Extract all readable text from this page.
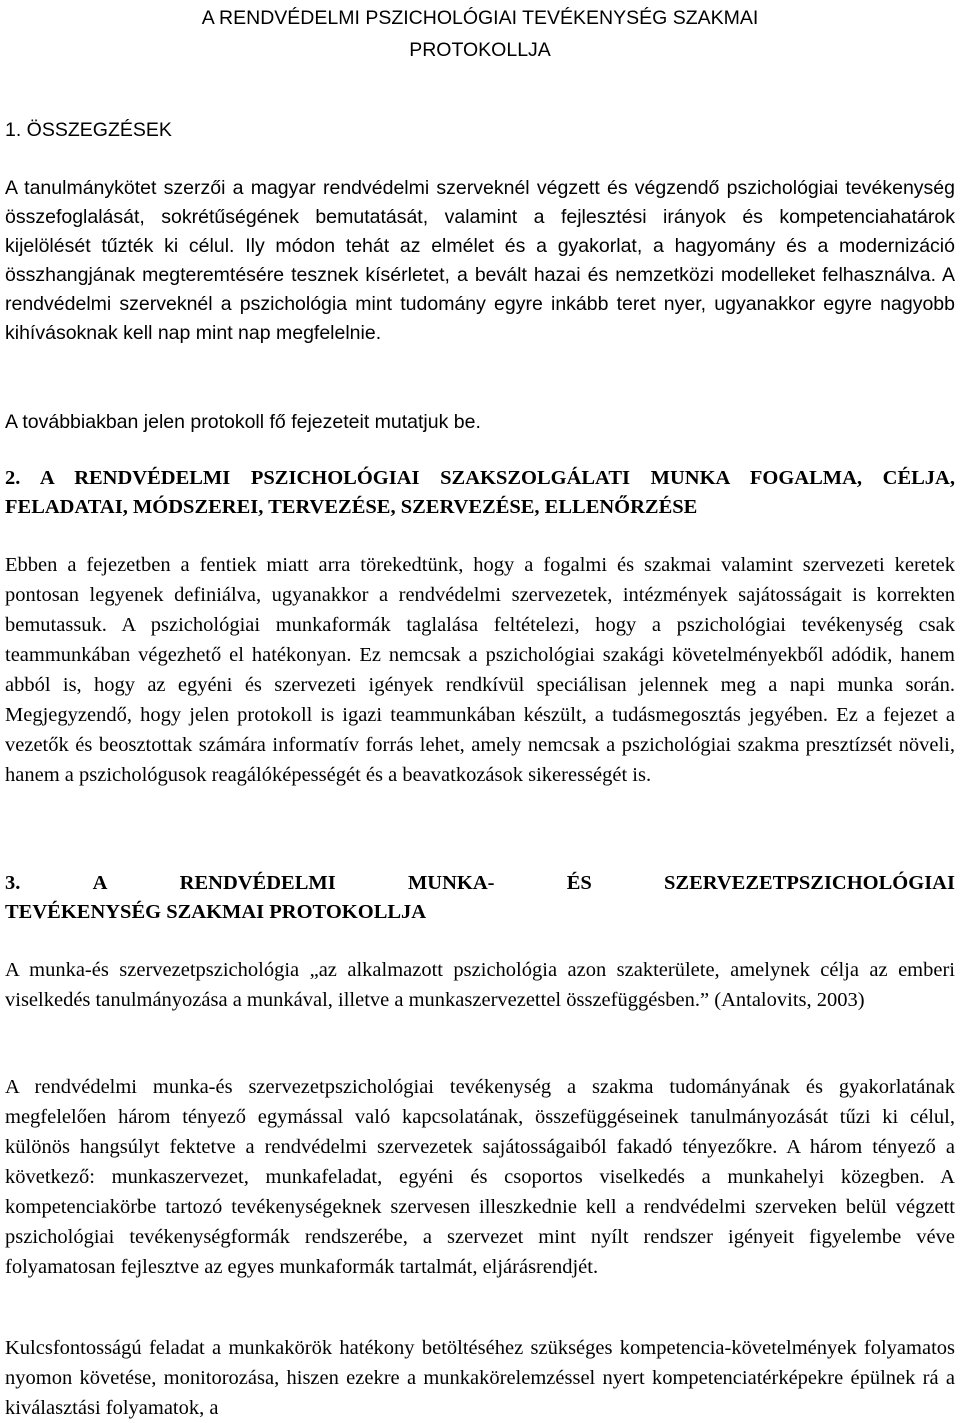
A RENDVÉDELMI PSZICHOLÓGIAI TEVÉKENYSÉG SZAKMAI
PROTOKOLLJA
1. ÖSSZEGZÉSEK

A tanulmánykötet szerzői a magyar rendvédelmi szerveknél végzett és végzendő pszichológiai tevékenység összefoglalását, sokrétűségének bemutatását, valamint a fejlesztési irányok és kompetenciahatárok kijelölését tűzték ki célul. Ily módon tehát az elmélet és a gyakorlat, a hagyomány és a modernizáció összhangjának megteremtésére tesznek kísérletet, a bevált hazai és nemzetközi modelleket felhasználva. A rendvédelmi szerveknél a pszichológia mint tudomány egyre inkább teret nyer, ugyanakkor egyre nagyobb kihívásoknak kell nap mint nap megfelelnie.

A továbbiakban jelen protokoll fő fejezeteit mutatjuk be.

2. A RENDVÉDELMI PSZICHOLÓGIAI SZAKSZOLGÁLATI MUNKA FOGALMA, CÉLJA, FELADATAI, MÓDSZEREI, TERVEZÉSE, SZERVEZÉSE, ELLENŐRZÉSE

Ebben a fejezetben a fentiek miatt arra törekedtünk, hogy a fogalmi és szakmai valamint szervezeti keretek pontosan legyenek definiálva, ugyanakkor a rendvédelmi szervezetek, intézmények sajátosságait is korrekten bemutassuk. A pszichológiai munkaformák taglalása feltételezi, hogy a pszichológiai tevékenység csak teammunkában végezhető el hatékonyan. Ez nemcsak a pszichológiai szakági követelményekből adódik, hanem abból is, hogy az egyéni és szervezeti igények rendkívül speciálisan jelennek meg a napi munka során. Megjegyzendő, hogy jelen protokoll is igazi teammunkában készült, a tudásmegosztás jegyében. Ez a fejezet a vezetők és beosztottak számára informatív forrás lehet, amely nemcsak a pszichológiai szakma presztízsét növeli, hanem a pszichológusok reagálóképességét és a beavatkozások sikerességét is.

3.	A	RENDVÉDELMI	MUNKA-	ÉS	SZERVEZETPSZICHOLÓGIAI
TEVÉKENYSÉG SZAKMAI PROTOKOLLJA

A munka-és szervezetpszichológia „az alkalmazott pszichológia azon szakterülete, amelynek célja az emberi viselkedés tanulmányozása a munkával, illetve a munkaszervezettel összefüggésben.” (Antalovits, 2003)

A rendvédelmi munka-és szervezetpszichológiai tevékenység a szakma tudományának és gyakorlatának megfelelően három tényező egymással való kapcsolatának, összefüggéseinek tanulmányozását tűzi ki célul, különös hangsúlyt fektetve a rendvédelmi szervezetek sajátosságaiból fakadó tényezőkre. A három tényező a következő: munkaszervezet, munkafeladat, egyéni és csoportos viselkedés a munkahelyi közegben. A kompetenciakörbe tartozó tevékenységeknek szervesen illeszkednie kell a rendvédelmi szerveken belül végzett pszichológiai tevékenységformák rendszerébe, a szervezet mint nyílt rendszer igényeit figyelembe véve folyamatosan fejlesztve az egyes munkaformák tartalmát, eljárásrendjét.

Kulcsfontosságú feladat a munkakörök hatékony betöltéséhez szükséges kompetencia-követelmények folyamatos nyomon követése, monitorozása, hiszen ezekre a munkakörelemzéssel nyert kompetenciatérképekre épülnek rá a kiválasztási folyamatok, a
